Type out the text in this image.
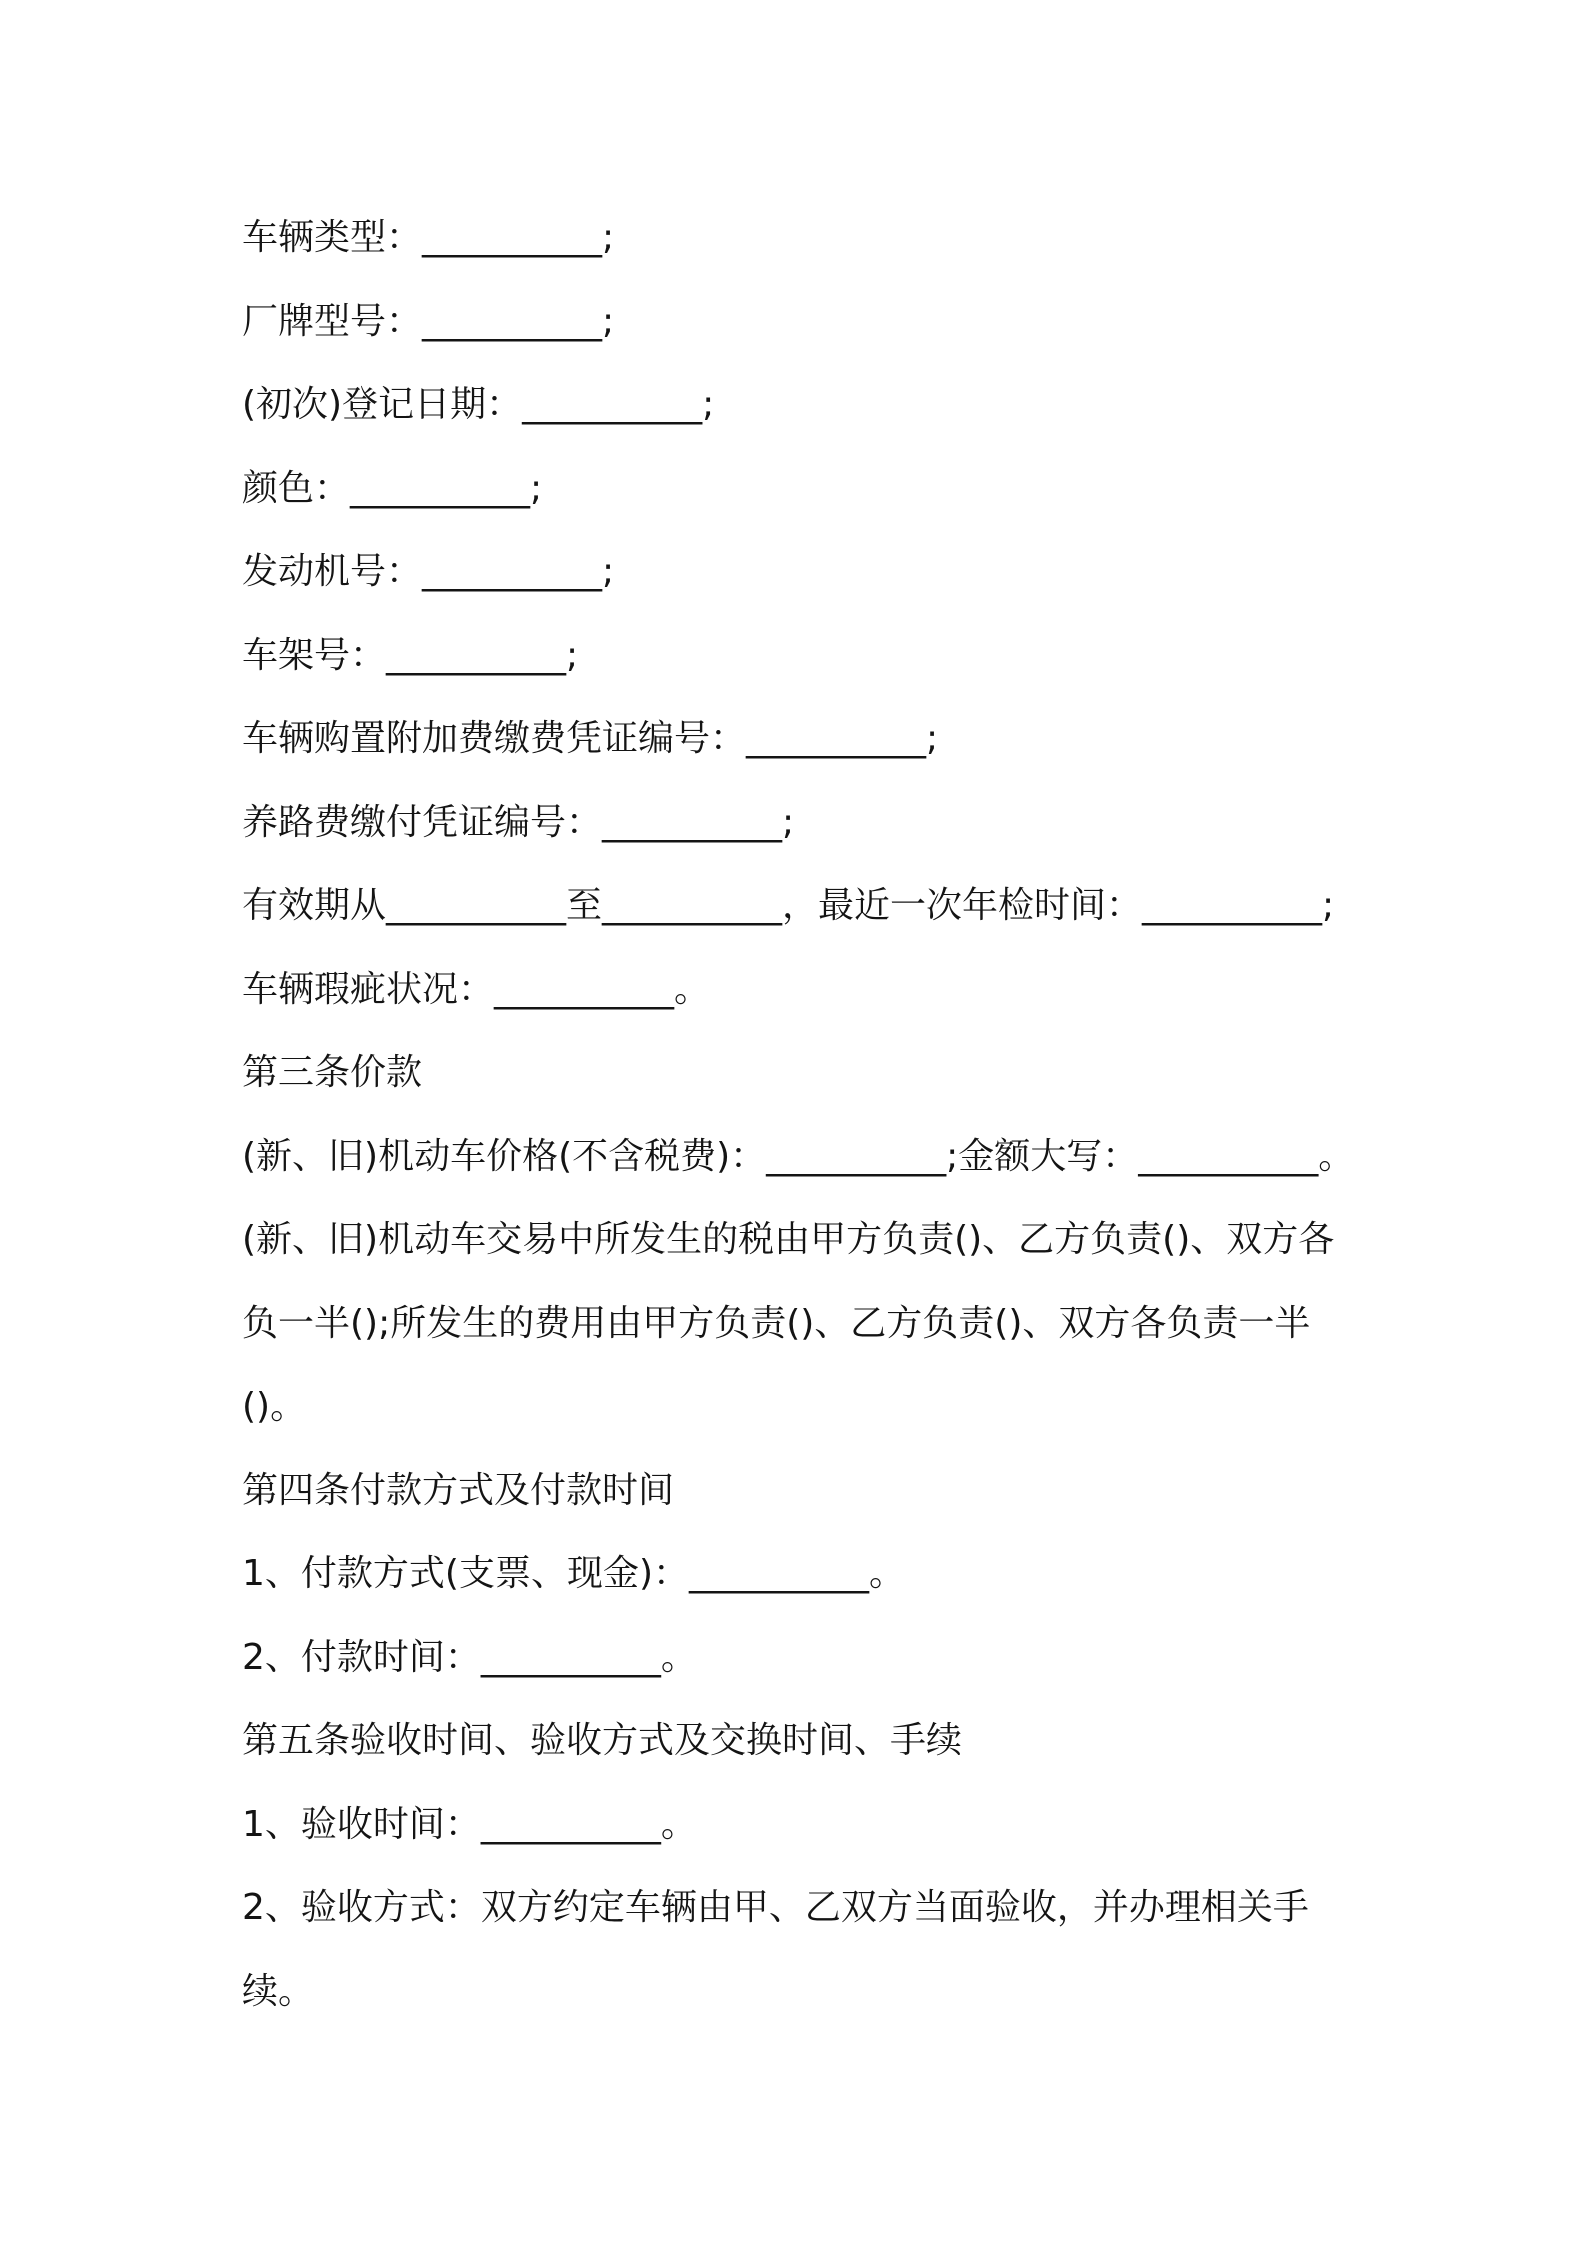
车辆类型：__________;
厂牌型号：__________;
(初次)登记日期：__________;
颜色：__________;
发动机号：__________;
车架号：__________;
车辆购置附加费缴费凭证编号：__________;
养路费缴付凭证编号：__________;
有效期从__________至__________，最近一次年检时间：__________;
车辆瑕疵状况：__________。
第三条价款
(新、旧)机动车价格(不含税费)：__________;金额大写：__________。
(新、旧)机动车交易中所发生的税由甲方负责()、乙方负责()、双方各
负一半();所发生的费用由甲方负责()、乙方负责()、双方各负责一半
()。
第四条付款方式及付款时间
1、付款方式(支票、现金)：__________。
2、付款时间：__________。
第五条验收时间、验收方式及交换时间、手续
1、验收时间：__________。
2、验收方式：双方约定车辆由甲、乙双方当面验收，并办理相关手
续。
